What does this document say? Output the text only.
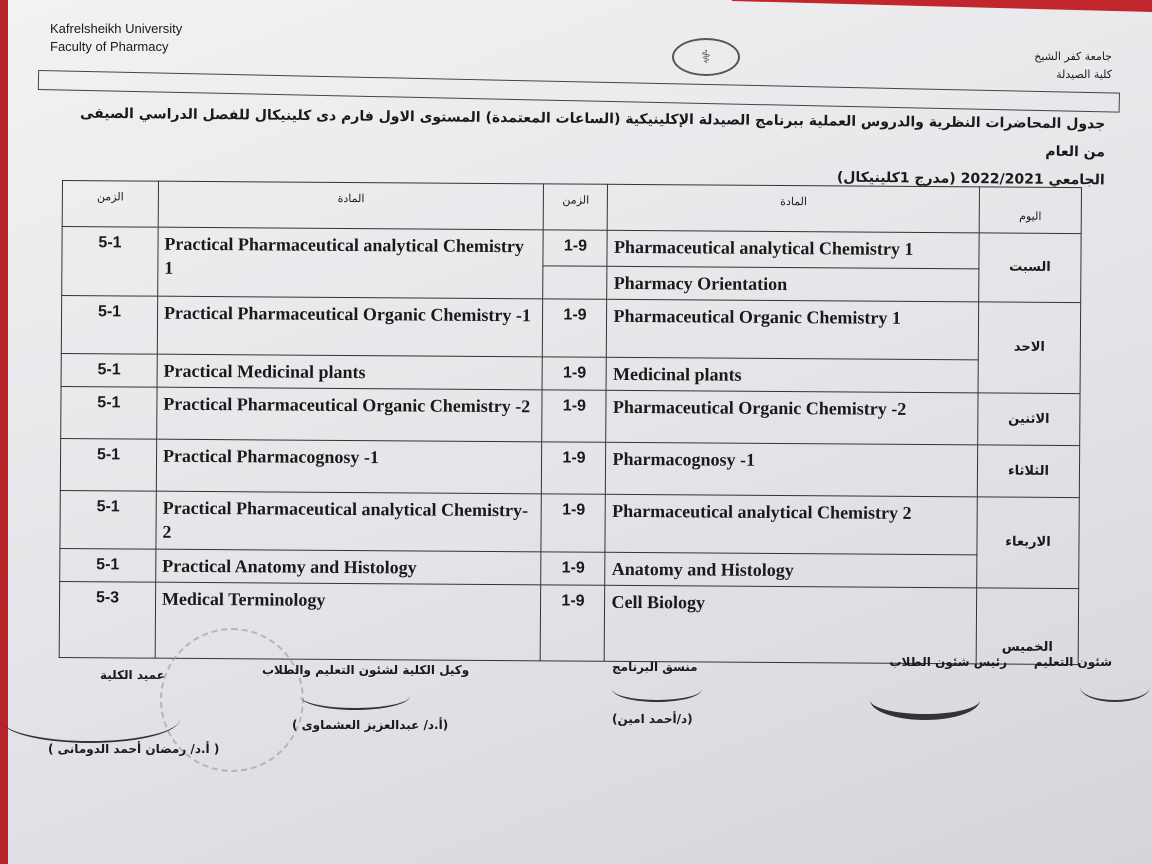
Kafrelsheikh University
Faculty of Pharmacy	⚕	جامعة كفر الشيخ
كلية الصيدلة
جدول المحاضرات النظرية والدروس العملية ببرنامج الصيدلة الإكلينيكية (الساعات المعتمدة) المستوى الاول فارم دى كلينيكال للفصل الدراسي الصيفى من العام
الجامعي 2022/2021 (مدرج 1كلينيكال)
الزمن	المادة	الزمن	المادة	اليوم
5-1	Practical Pharmaceutical analytical Chemistry 1	1-9	Pharmaceutical analytical Chemistry 1	السبت
			Pharmacy Orientation	
5-1	Practical Pharmaceutical Organic Chemistry -1	1-9	Pharmaceutical Organic Chemistry 1	الاحد
5-1	Practical Medicinal plants	1-9	Medicinal plants	
5-1	Practical Pharmaceutical Organic Chemistry -2	1-9	Pharmaceutical Organic Chemistry -2	الاثنين
5-1	Practical Pharmacognosy -1	1-9	Pharmacognosy -1	الثلاثاء
5-1	Practical Pharmaceutical analytical Chemistry- 2	1-9	Pharmaceutical analytical Chemistry 2	الاربعاء
5-1	Practical Anatomy and Histology	1-9	Anatomy and Histology	
5-3	Medical Terminology	1-9	Cell Biology	الخميس
شئون التعليم
رئيس شئون الطلاب
منسق البرنامج
(د/أحمد امين)
وكيل الكلية لشئون التعليم والطلاب
(أ.د/ عبدالعزيز العشماوى )
عميد الكلية
( أ.د/ رمضان أحمد الدومانى )
